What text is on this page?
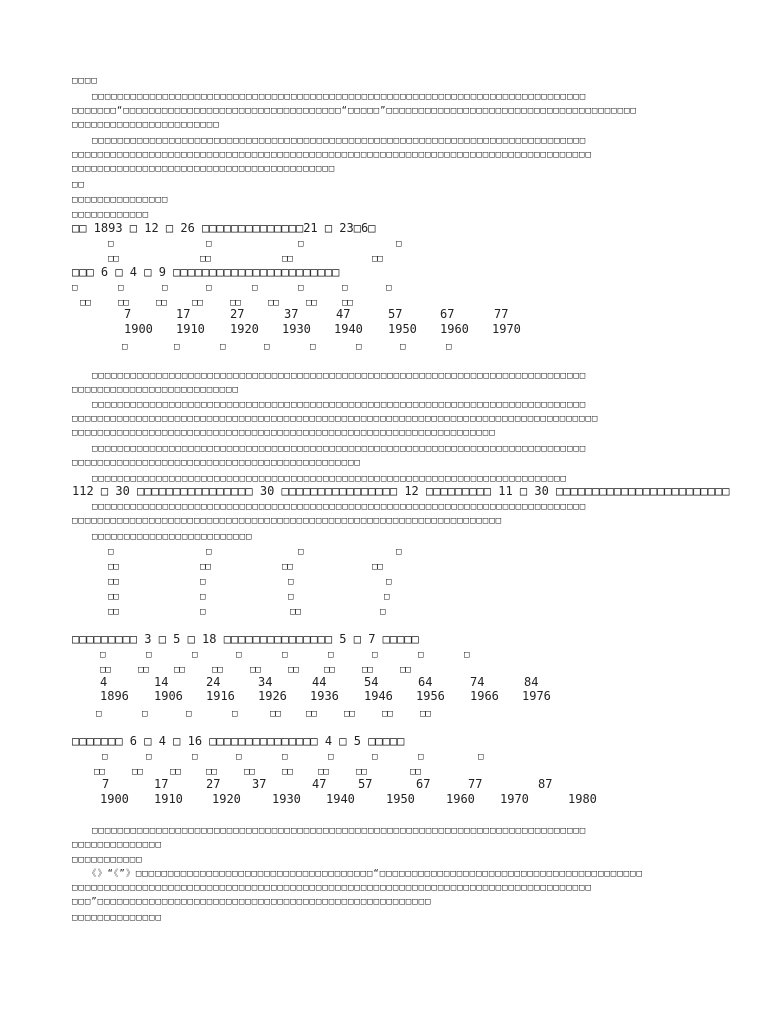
□□□□
　　□□□□□□□□□□□□□□□□□□□□□□□□□□□□□□□□□□□□□□□□□□□□□□□□□□□□□□□□□□□□□□□□□□□□□□□□□□□□□
□□□□□□□“□□□□□□□□□□□□□□□□□□□□□□□□□□□□□□□□□□“□□□□□”□□□□□□□□□□□□□□□□□□□□□□□□□□□□□□□□□□□□□□□
□□□□□□□□□□□□□□□□□□□□□□□
　　□□□□□□□□□□□□□□□□□□□□□□□□□□□□□□□□□□□□□□□□□□□□□□□□□□□□□□□□□□□□□□□□□□□□□□□□□□□□□
□□□□□□□□□□□□□□□□□□□□□□□□□□□□□□□□□□□□□□□□□□□□□□□□□□□□□□□□□□□□□□□□□□□□□□□□□□□□□□□□□
□□□□□□□□□□□□□□□□□□□□□□□□□□□□□□□□□□□□□□□□□
□□
□□□□□□□□□□□□□□□
□□□□□□□□□□□□
□□ 1893 □ 12 □ 26 □□□□□□□□□□□□□□21 □ 23□6□
□	□	□	□
□□	□□	□□	□□
□□□ 6 □ 4 □ 9 □□□□□□□□□□□□□□□□□□□□□□□
□	□	□	□	□	□	□	□
□□	□□	□□	□□	□□	□□	□□	□□
7	17	27	37	47	57	67	77
1900 1910 1920 1930 1940 1950 1960 1970
□	□	□	□	□	□	□	□
　　□□□□□□□□□□□□□□□□□□□□□□□□□□□□□□□□□□□□□□□□□□□□□□□□□□□□□□□□□□□□□□□□□□□□□□□□□□□□□
□□□□□□□□□□□□□□□□□□□□□□□□□□
　　□□□□□□□□□□□□□□□□□□□□□□□□□□□□□□□□□□□□□□□□□□□□□□□□□□□□□□□□□□□□□□□□□□□□□□□□□□□□□
□□□□□□□□□□□□□□□□□□□□□□□□□□□□□□□□□□□□□□□□□□□□□□□□□□□□□□□□□□□□□□□□□□□□□□□□□□□□□□□□□□
□□□□□□□□□□□□□□□□□□□□□□□□□□□□□□□□□□□□□□□□□□□□□□□□□□□□□□□□□□□□□□□□□□
　　□□□□□□□□□□□□□□□□□□□□□□□□□□□□□□□□□□□□□□□□□□□□□□□□□□□□□□□□□□□□□□□□□□□□□□□□□□□□□
□□□□□□□□□□□□□□□□□□□□□□□□□□□□□□□□□□□□□□□□□□□□□
　　□□□□□□□□□□□□□□□□□□□□□□□□□□□□□□□□□□□□□□□□□□□□□□□□□□□□□□□□□□□□□□□□□□□□□□□□□□
112 □ 30 □□□□□□□□□□□□□□□□ 30 □□□□□□□□□□□□□□□□ 12 □□□□□□□□□ 11 □ 30 □□□□□□□□□□□□□□□□□□□□□□□□
　　□□□□□□□□□□□□□□□□□□□□□□□□□□□□□□□□□□□□□□□□□□□□□□□□□□□□□□□□□□□□□□□□□□□□□□□□□□□□□
□□□□□□□□□□□□□□□□□□□□□□□□□□□□□□□□□□□□□□□□□□□□□□□□□□□□□□□□□□□□□□□□□□□
　　□□□□□□□□□□□□□□□□□□□□□□□□□
□	□	□	□
□□	□□	□□	□□
□□	□	□	□
□□	□	□	□
□□	□	□□	□
□□□□□□□□□ 3 □ 5 □ 18 □□□□□□□□□□□□□□□ 5 □ 7 □□□□□
□	□	□	□	□	□	□	□	□
□□	□□	□□	□□	□□	□□	□□	□□	□□
4	14	24	34	44	54	64	74	84
1896 1906 1916 1926 1936 1946 1956 1966 1976
□	□	□	□	□□	□□	□□	□□	□□
□□□□□□□ 6 □ 4 □ 16 □□□□□□□□□□□□□□□ 4 □ 5 □□□□□
□	□	□	□	□	□	□	□	□
□□	□□	□□	□□	□□	□□	□□	□□	□□
7	17	27	37	47	57	67	77	87
1900 1910 1920	1930 1940	1950	1960 1970	1980
　　□□□□□□□□□□□□□□□□□□□□□□□□□□□□□□□□□□□□□□□□□□□□□□□□□□□□□□□□□□□□□□□□□□□□□□□□□□□□□
□□□□□□□□□□□□□□
□□□□□□□□□□□
　　《》“《”》□□□□□□□□□□□□□□□□□□□□□□□□□□□□□□□□□□□□□“□□□□□□□□□□□□□□□□□□□□□□□□□□□□□□□□□□□□□□□□□
□□□□□□□□□□□□□□□□□□□□□□□□□□□□□□□□□□□□□□□□□□□□□□□□□□□□□□□□□□□□□□□□□□□□□□□□□□□□□□□□□
□□□”□□□□□□□□□□□□□□□□□□□□□□□□□□□□□□□□□□□□□□□□□□□□□□□□□□□□
□□□□□□□□□□□□□□
